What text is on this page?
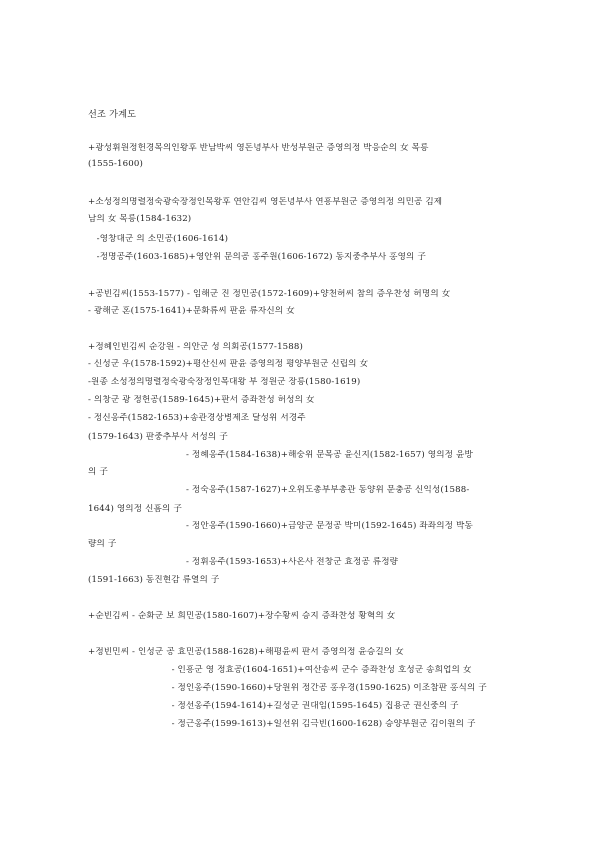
선조 가계도
+광성휘원정헌경목의인왕후 반남박씨 영돈녕부사 반성부원군 증영의정 박응순의 女 목릉
(1555-1600)
+소성정의명렬정숙광숙장정인목왕후 연안김씨 영돈녕부사 연흥부원군 증영의정 의민공 김제
남의 女 목릉(1584-1632)
-영창대군 의 소민공(1606-1614)
-정명공주(1603-1685)+영안위 문의공 홍주원(1606-1672) 동지중추부사 홍영의 子
+공빈김씨(1553-1577) - 임해군 진 정민공(1572-1609)+양천허씨 참의 증우찬성 허명의 女
- 광해군 혼(1575-1641)+문화류씨 판윤 류자신의 女
+정혜인빈김씨 순강원 - 의안군 성 의회공(1577-1588)
- 신성군 우(1578-1592)+평산신씨 판윤 증영의정 평양부원군 신립의 女
-원종 소성정의명렬정숙광숙장정인목대왕 부 정원군 장릉(1580-1619)
- 의창군 광 정헌공(1589-1645)+판서 증좌찬성 허성의 女
- 정신옹주(1582-1653)+송관경상병제조 달성위 서경주
(1579-1643) 판중추부사 서성의 子
- 정혜옹주(1584-1638)+해숭위 문목공 윤신지(1582-1657) 영의정 윤방
의 子
- 정숙옹주(1587-1627)+오위도총부부총관 동양위 문충공 신익성(1588-
1644) 영의정 신흠의 子
- 정안옹주(1590-1660)+금양군 문정공 박미(1592-1645) 좌좌의정 박동
량의 子
- 정휘옹주(1593-1653)+사온사 전창군 효정공 류정량
(1591-1663) 동진현감 류열의 子
+순빈김씨 - 순화군 보 희민공(1580-1607)+장수황씨 승지 증좌찬성 황혁의 女
+정빈민씨 - 인성군 공 효민공(1588-1628)+해평윤씨 판서 증영의정 윤승길의 女
- 인흥군 영 정효공(1604-1651)+여산송씨 군수 증좌찬성 호성군 송희업의 女
- 정인옹주(1590-1660)+당원위 정간공 홍우경(1590-1625) 이조참판 홍식의 子
- 정선옹주(1594-1614)+길성군 권대임(1595-1645) 집용군 권신중의 子
- 정근옹주(1599-1613)+일선위 김극빈(1600-1628) 승양부원군 김이원의 子
